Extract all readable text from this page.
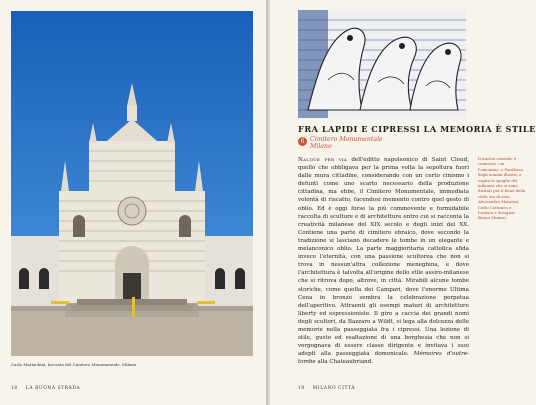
Carlo Mariachini, facciata del Cimitero Monumentale, Milano
18 LA BUONA STRADA
FRA LAPIDI E CIPRESSI LA MEMORIA È STILE
6 Cimitero Monumentale
Milano

Nacque per via dell'editto napoleonico di Saint Cloud, quello che obbligava per la prima volta la sepoltura fuori dalle mura cittadine, considerando con un certo cinismo i defunti come uno scarto necessario della produzione cittadina, ma ebbe, il Cimitero Monumentale, immediata volontà di riscatto, facendosi memento contro quel gesto di oblio. Ed è oggi forse la più commovente e formidabile raccolta di sculture e di architetture entro cui si racconta la creatività milanese del XIX secolo e degli inizi del XX. Contiene una parte di cimitero ebraico, dove secondo la tradizione si lasciano decadere le tombe in un elegante e melanconico oblio. La parte maggioritaria cattolica sfida invece l'eternità, con una passione scultorea che non si trova in nessun'altra collezione meneghina, e dove l'architettura è talvolta all'origine dello stile assiro-milanese che si ritrova dopo, altrove, in città. Mirabili alcune tombe storiche, come quella dei Campari, dove l'enorme Ultima Cena in bronzo sembra la celebrazione perpetua dell'aperitivo. Attraenti gli esempi maturi di architetture liberty ed espressioniste. Il giro a caccia dei grandi nomi degli scultori, da Bazzaro a Wildt, si lega alla dolcezza delle memorie nella passeggiata fra i cipressi. Una lezione di stile, gusto ed esaltazione di una borghesia che non si vergognava di essere classe dirigente e invitava i suoi adepti alla passeggiata domenicale. Mémoires d'outre-tombe alla Chateaubriand.

Il nucleo centrale è connesso con l'omonimo, o Pantheon degli uomini illustri, e ospita le spoglie dei milanesi che si sono distinti per il bene della città: tra di essi, Alessandro Manzoni, Carlo Cattaneo e l'artista e designer Bruno Munari.
19 MILANO CITTÀ
